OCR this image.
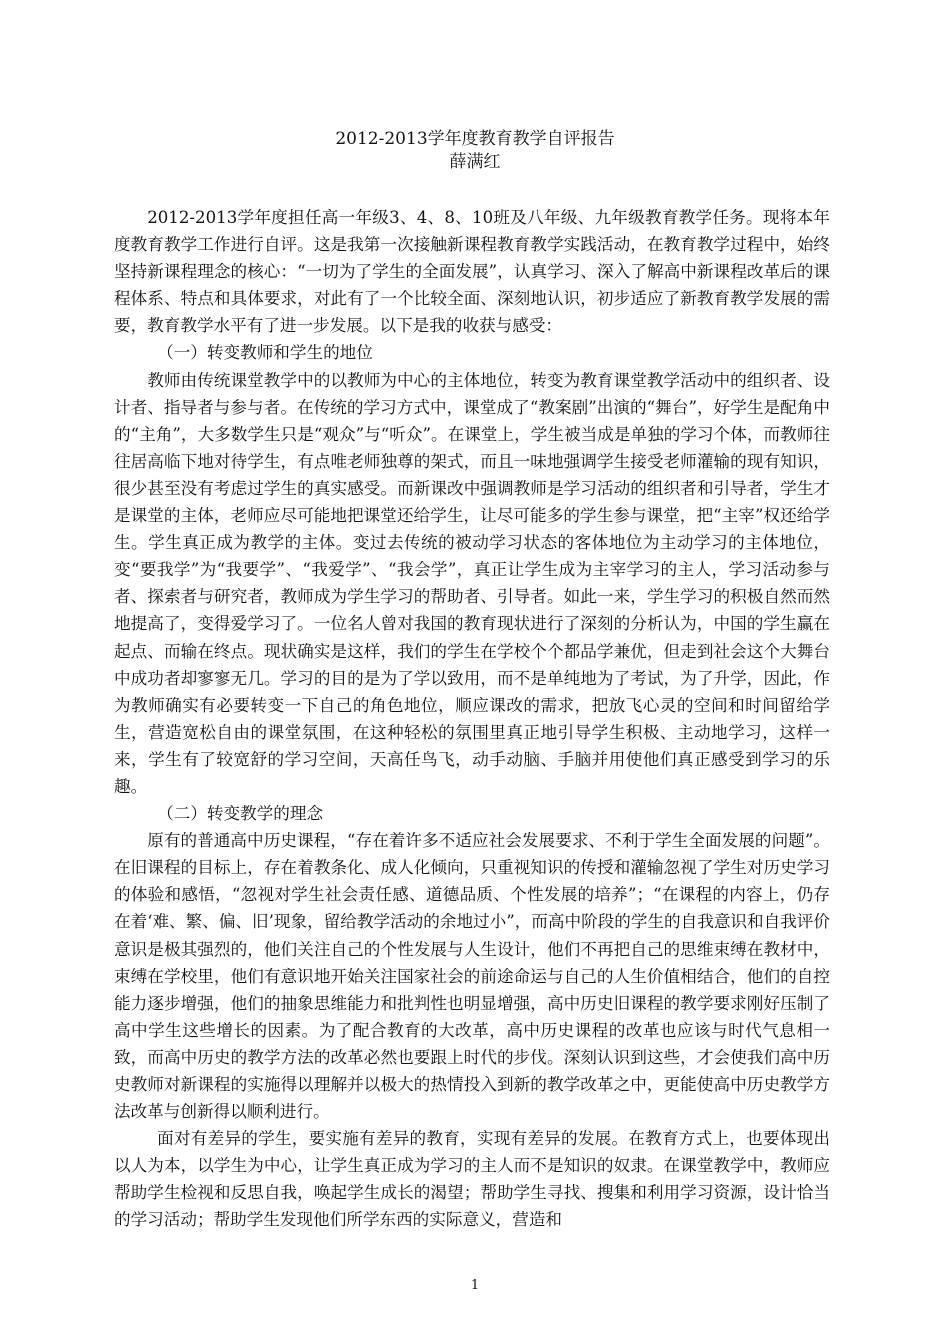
2012-2013学年度教育教学自评报告
薛满红

2012-2013学年度担任高一年级3、4、8、10班及八年级、九年级教育教学任务。现将本年度教育教学工作进行自评。这是我第一次接触新课程教育教学实践活动，在教育教学过程中，始终坚持新课程理念的核心：“一切为了学生的全面发展”，认真学习、深入了解高中新课程改革后的课程体系、特点和具体要求，对此有了一个比较全面、深刻地认识，初步适应了新教育教学发展的需要，教育教学水平有了进一步发展。以下是我的收获与感受：

（一）转变教师和学生的地位

教师由传统课堂教学中的以教师为中心的主体地位，转变为教育课堂教学活动中的组织者、设计者、指导者与参与者。在传统的学习方式中，课堂成了“教案剧”出演的“舞台”，好学生是配角中的“主角”，大多数学生只是“观众”与“听众”。在课堂上，学生被当成是单独的学习个体，而教师往往居高临下地对待学生，有点唯老师独尊的架式，而且一味地强调学生接受老师灌输的现有知识，很少甚至没有考虑过学生的真实感受。而新课改中强调教师是学习活动的组织者和引导者，学生才是课堂的主体，老师应尽可能地把课堂还给学生，让尽可能多的学生参与课堂，把“主宰”权还给学生。学生真正成为教学的主体。变过去传统的被动学习状态的客体地位为主动学习的主体地位，变“要我学”为“我要学”、“我爱学”、“我会学”，真正让学生成为主宰学习的主人，学习活动参与者、探索者与研究者，教师成为学生学习的帮助者、引导者。如此一来，学生学习的积极自然而然地提高了，变得爱学习了。一位名人曾对我国的教育现状进行了深刻的分析认为，中国的学生赢在起点、而输在终点。现状确实是这样，我们的学生在学校个个都品学兼优，但走到社会这个大舞台中成功者却寥寥无几。学习的目的是为了学以致用，而不是单纯地为了考试，为了升学，因此，作为教师确实有必要转变一下自己的角色地位，顺应课改的需求，把放飞心灵的空间和时间留给学生，营造宽松自由的课堂氛围，在这种轻松的氛围里真正地引导学生积极、主动地学习，这样一来，学生有了较宽舒的学习空间，天高任鸟飞，动手动脑、手脑并用使他们真正感受到学习的乐趣。

（二）转变教学的理念

原有的普通高中历史课程，“存在着许多不适应社会发展要求、不利于学生全面发展的问题”。在旧课程的目标上，存在着教条化、成人化倾向，只重视知识的传授和灌输忽视了学生对历史学习的体验和感悟，“忽视对学生社会责任感、道德品质、个性发展的培养”；“在课程的内容上，仍存在着‘难、繁、偏、旧’现象，留给教学活动的余地过小”，而高中阶段的学生的自我意识和自我评价意识是极其强烈的，他们关注自己的个性发展与人生设计，他们不再把自己的思维束缚在教材中，束缚在学校里，他们有意识地开始关注国家社会的前途命运与自己的人生价值相结合，他们的自控能力逐步增强，他们的抽象思维能力和批判性也明显增强，高中历史旧课程的教学要求刚好压制了高中学生这些增长的因素。为了配合教育的大改革，高中历史课程的改革也应该与时代气息相一致，而高中历史的教学方法的改革必然也要跟上时代的步伐。深刻认识到这些，才会使我们高中历史教师对新课程的实施得以理解并以极大的热情投入到新的教学改革之中，更能使高中历史教学方法改革与创新得以顺利进行。

面对有差异的学生，要实施有差异的教育，实现有差异的发展。在教育方式上，也要体现出以人为本，以学生为中心，让学生真正成为学习的主人而不是知识的奴隶。在课堂教学中，教师应帮助学生检视和反思自我，唤起学生成长的渴望；帮助学生寻找、搜集和利用学习资源，设计恰当的学习活动；帮助学生发现他们所学东西的实际意义，营造和

1
